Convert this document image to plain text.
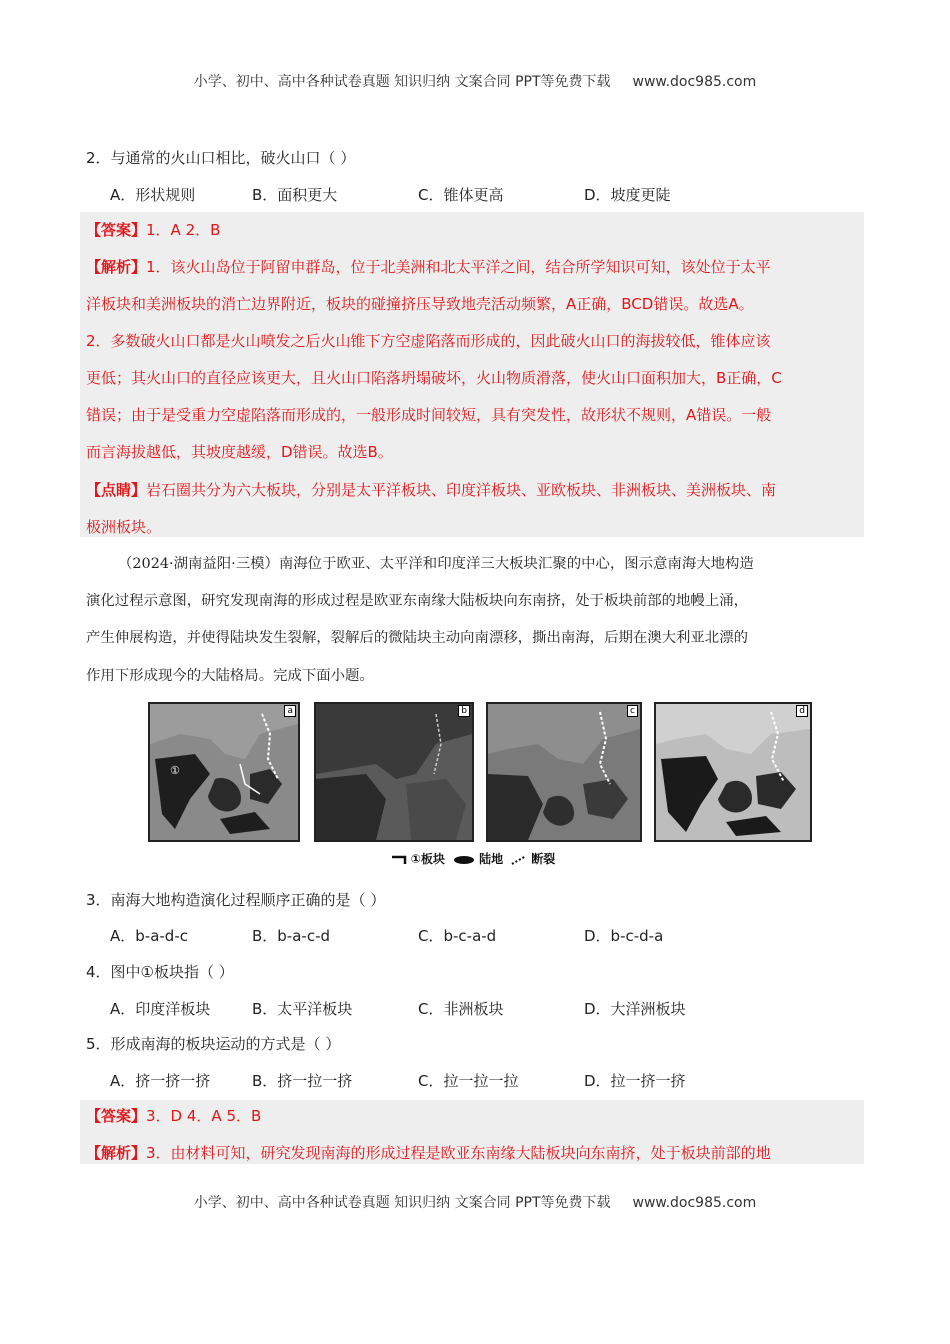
小学、初中、高中各种试卷真题 知识归纳 文案合同 PPT等免费下载 www.doc985.com
2．与通常的火山口相比，破火山口（ ）
A．形状规则	B．面积更大	C．锥体更高	D．坡度更陡
【答案】1．A 2．B
【解析】1．该火山岛位于阿留申群岛，位于北美洲和北太平洋之间，结合所学知识可知，该处位于太平
洋板块和美洲板块的消亡边界附近，板块的碰撞挤压导致地壳活动频繁，A正确，BCD错误。故选A。
2．多数破火山口都是火山喷发之后火山锥下方空虚陷落而形成的，因此破火山口的海拔较低，锥体应该
更低；其火山口的直径应该更大，且火山口陷落坍塌破坏，火山物质滑落，使火山口面积加大，B正确，C
错误；由于是受重力空虚陷落而形成的，一般形成时间较短，具有突发性，故形状不规则，A错误。一般
而言海拔越低，其坡度越缓，D错误。故选B。
【点睛】岩石圈共分为六大板块，分别是太平洋板块、印度洋板块、亚欧板块、非洲板块、美洲板块、南
极洲板块。
（2024·湖南益阳·三模）南海位于欧亚、太平洋和印度洋三大板块汇聚的中心，图示意南海大地构造
演化过程示意图，研究发现南海的形成过程是欧亚东南缘大陆板块向东南挤，处于板块前部的地幔上涌，
产生伸展构造，并使得陆块发生裂解，裂解后的微陆块主动向南漂移，撕出南海，后期在澳大利亚北漂的
作用下形成现今的大陆格局。完成下面小题。
①
a	b	c	d
①板块	陆地 断裂
3．南海大地构造演化过程顺序正确的是（ ）
A．b-a-d-c	B．b-a-c-d	C．b-c-a-d	D．b-c-d-a
4．图中①板块指（ ）
A．印度洋板块	B．太平洋板块	C．非洲板块	D．大洋洲板块
5．形成南海的板块运动的方式是（ ）
A．挤一挤一挤	B．挤一拉一挤	C．拉一拉一拉	D．拉一挤一挤
【答案】3．D 4．A 5．B
【解析】3．由材料可知，研究发现南海的形成过程是欧亚东南缘大陆板块向东南挤，处于板块前部的地
小学、初中、高中各种试卷真题 知识归纳 文案合同 PPT等免费下载 www.doc985.com
